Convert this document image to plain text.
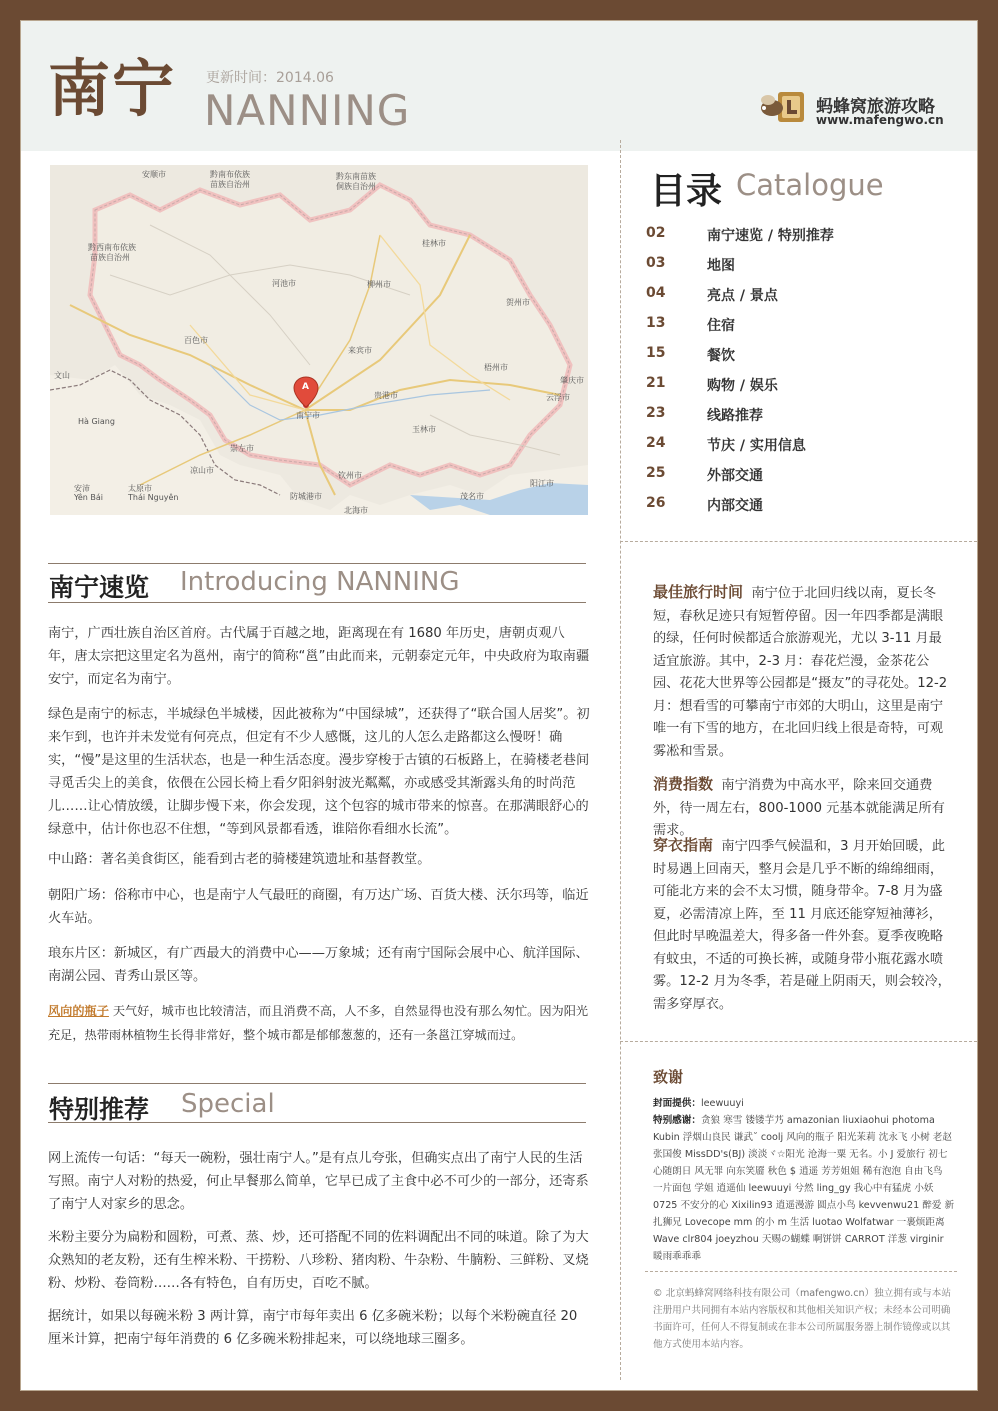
南宁 更新时间：2014.06
NANNING	蚂蜂窝旅游攻略
www.mafengwo.cn
A
安顺市
黔西南布依族
苗族自治州
黔南布依族
苗族自治州
黔东南苗族
侗族自治州
桂林市
河池市	柳州市
贺州市
来宾市
梧州市
百色市
南宁市
贵港市
玉林市
云浮市
肇庆市
崇左市
钦州市
防城港市
北海市
茂名市
阳江市
凉山市
太原市
安沛
Yên Bái	Thái Nguyên
Hà Giang
文山
南宁速览 Introducing NANNING

南宁，广西壮族自治区首府。古代属于百越之地，距离现在有 1680 年历史，唐朝贞观八年，唐太宗把这里定名为邕州，南宁的简称“邕”由此而来，元朝泰定元年，中央政府为取南疆安宁，而定名为南宁。

绿色是南宁的标志，半城绿色半城楼，因此被称为“中国绿城”，还获得了“联合国人居奖”。初来乍到，也许并未发觉有何亮点，但定有不少人感慨，这儿的人怎么走路都这么慢呀！确实，“慢”是这里的生活状态，也是一种生活态度。漫步穿梭于古镇的石板路上，在骑楼老巷间寻觅舌尖上的美食，依偎在公园长椅上看夕阳斜射波光粼粼，亦或感受其渐露头角的时尚范儿……让心情放缓，让脚步慢下来，你会发现，这个包容的城市带来的惊喜。在那满眼舒心的绿意中，估计你也忍不住想，“等到风景都看透，谁陪你看细水长流”。

中山路：著名美食街区，能看到古老的骑楼建筑遗址和基督教堂。

朝阳广场：俗称市中心，也是南宁人气最旺的商圈，有万达广场、百货大楼、沃尔玛等，临近火车站。

琅东片区：新城区，有广西最大的消费中心——万象城；还有南宁国际会展中心、航洋国际、南湖公园、青秀山景区等。

风向的瓶子 天气好，城市也比较清洁，而且消费不高，人不多，自然显得也没有那么匆忙。因为阳光充足，热带雨林植物生长得非常好，整个城市都是郁郁葱葱的，还有一条邕江穿城而过。
特别推荐 Special

网上流传一句话：“每天一碗粉，强壮南宁人。”是有点儿夸张，但确实点出了南宁人民的生活写照。南宁人对粉的热爱，何止早餐那么简单，它早已成了主食中必不可少的一部分，还寄系了南宁人对家乡的思念。

米粉主要分为扁粉和圆粉，可煮、蒸、炒，还可搭配不同的佐料调配出不同的味道。除了为大众熟知的老友粉，还有生榨米粉、干捞粉、八珍粉、猪肉粉、牛杂粉、牛腩粉、三鲜粉、叉烧粉、炒粉、卷筒粉……各有特色，自有历史，百吃不腻。

据统计，如果以每碗米粉 3 两计算，南宁市每年卖出 6 亿多碗米粉；以每个米粉碗直径 20 厘米计算，把南宁每年消费的 6 亿多碗米粉排起来，可以绕地球三圈多。

目录 Catalogue
02	南宁速览 / 特别推荐
03	地图
04	亮点 / 景点
13	住宿
15	餐饮
21	购物 / 娱乐
23	线路推荐
24	节庆 / 实用信息
25	外部交通
26	内部交通

最佳旅行时间 南宁位于北回归线以南，夏长冬短，春秋足迹只有短暂停留。因一年四季都是满眼的绿，任何时候都适合旅游观光，尤以 3-11 月最适宜旅游。其中，2-3 月：春花烂漫，金茶花公园、花花大世界等公园都是“摄友”的寻花处。12-2 月：想看雪的可攀南宁市郊的大明山，这里是南宁唯一有下雪的地方，在北回归线上很是奇特，可观雾凇和雪景。

消费指数 南宁消费为中高水平，除来回交通费外，待一周左右，800-1000 元基本就能满足所有需求。

穿衣指南 南宁四季气候温和，3 月开始回暖，此时易遇上回南天，整月会是几乎不断的绵绵细雨，可能北方来的会不太习惯，随身带伞。7-8 月为盛夏，必需清凉上阵，至 11 月底还能穿短袖薄衫，但此时早晚温差大，得多备一件外套。夏季夜晚略有蚊虫，不适的可换长裤，或随身带小瓶花露水喷雾。12-2 月为冬季，若是碰上阴雨天，则会较冷，需多穿厚衣。

致谢
封面提供：leewuuyi
特别感谢：贪狼 寒雪 镂镂芋艿 amazonian liuxiaohui photoma Kubin 浮烟山良民 谦武˘ coolj 风向的瓶子 阳光茉莉 沈永飞 小树 老赵 张国俊 MissDD's(BJ) 淡淡ヾ☆阳光 沧海一粟 无名。小 J 爱旅行 初七 心随朗日 风无罪 向东笑靥 秋色 $ 逍遥 芳芳姐姐 稀有泡泡 自由飞鸟 一片面包 学姐 逍遥仙 leewuuyi 兮然 ling_gy 我心中有猛虎 小妖 0725 不安分的心 Xixilin93 逍遥漫游 圆点小鸟 kevvenwu21 醉爱 新扎狮兄 Lovecope mm 的小 m 生活 luotao Wolfatwar 一裹烦距离 Wave clr804 joeyzhou 天赐の蝴蝶 啊饼饼 CARROT 洋葱 virginir 暖雨乖乖乖
© 北京蚂蜂窝网络科技有限公司（mafengwo.cn）独立拥有或与本站注册用户共同拥有本站内容版权和其他相关知识产权；未经本公司明确书面许可，任何人不得复制或在非本公司所属服务器上制作镜像或以其他方式使用本站内容。
